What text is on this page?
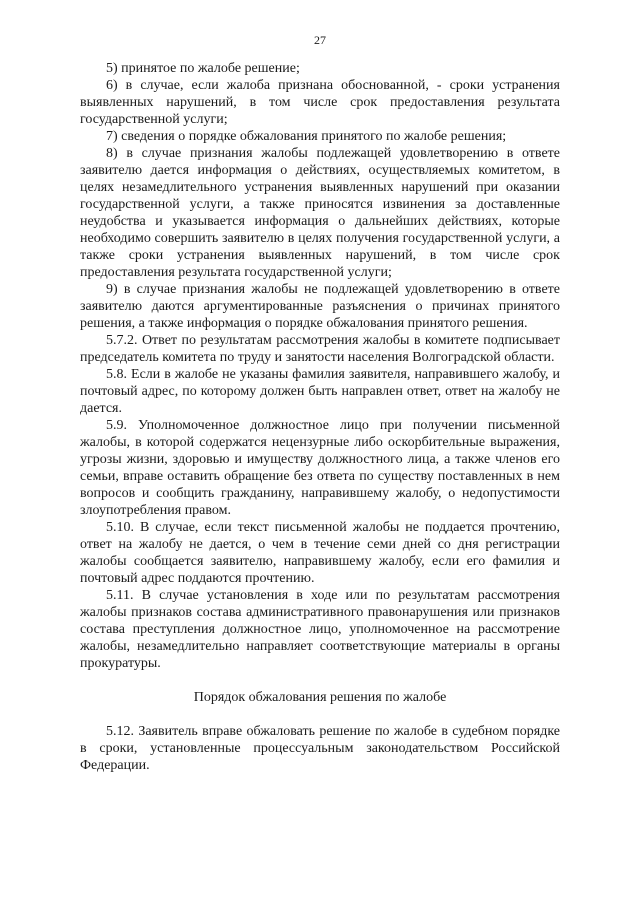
27

5) принятое по жалобе решение;

6) в случае, если жалоба признана обоснованной, - сроки устранения выявленных нарушений, в том числе срок предоставления результата государственной услуги;

7) сведения о порядке обжалования принятого по жалобе решения;

8) в случае признания жалобы подлежащей удовлетворению в ответе заявителю дается информация о действиях, осуществляемых комитетом, в целях незамедлительного устранения выявленных нарушений при оказании государственной услуги, а также приносятся извинения за доставленные неудобства и указывается информация о дальнейших действиях, которые необходимо совершить заявителю в целях получения государственной услуги, а также сроки устранения выявленных нарушений, в том числе срок предоставления результата государственной услуги;

9) в случае признания жалобы не подлежащей удовлетворению в ответе заявителю даются аргументированные разъяснения о причинах принятого решения, а также информация о порядке обжалования принятого решения.

5.7.2. Ответ по результатам рассмотрения жалобы в комитете подписывает председатель комитета по труду и занятости населения Волгоградской области.

5.8. Если в жалобе не указаны фамилия заявителя, направившего жалобу, и почтовый адрес, по которому должен быть направлен ответ, ответ на жалобу не дается.

5.9. Уполномоченное должностное лицо при получении письменной жалобы, в которой содержатся нецензурные либо оскорбительные выражения, угрозы жизни, здоровью и имуществу должностного лица, а также членов его семьи, вправе оставить обращение без ответа по существу поставленных в нем вопросов и сообщить гражданину, направившему жалобу, о недопустимости злоупотребления правом.

5.10. В случае, если текст письменной жалобы не поддается прочтению, ответ на жалобу не дается, о чем в течение семи дней со дня регистрации жалобы сообщается заявителю, направившему жалобу, если его фамилия и почтовый адрес поддаются прочтению.

5.11. В случае установления в ходе или по результатам рассмотрения жалобы признаков состава административного правонарушения или признаков состава преступления должностное лицо, уполномоченное на рассмотрение жалобы, незамедлительно направляет соответствующие материалы в органы прокуратуры.

Порядок обжалования решения по жалобе

5.12. Заявитель вправе обжаловать решение по жалобе в судебном порядке в сроки, установленные процессуальным законодательством Российской Федерации.
